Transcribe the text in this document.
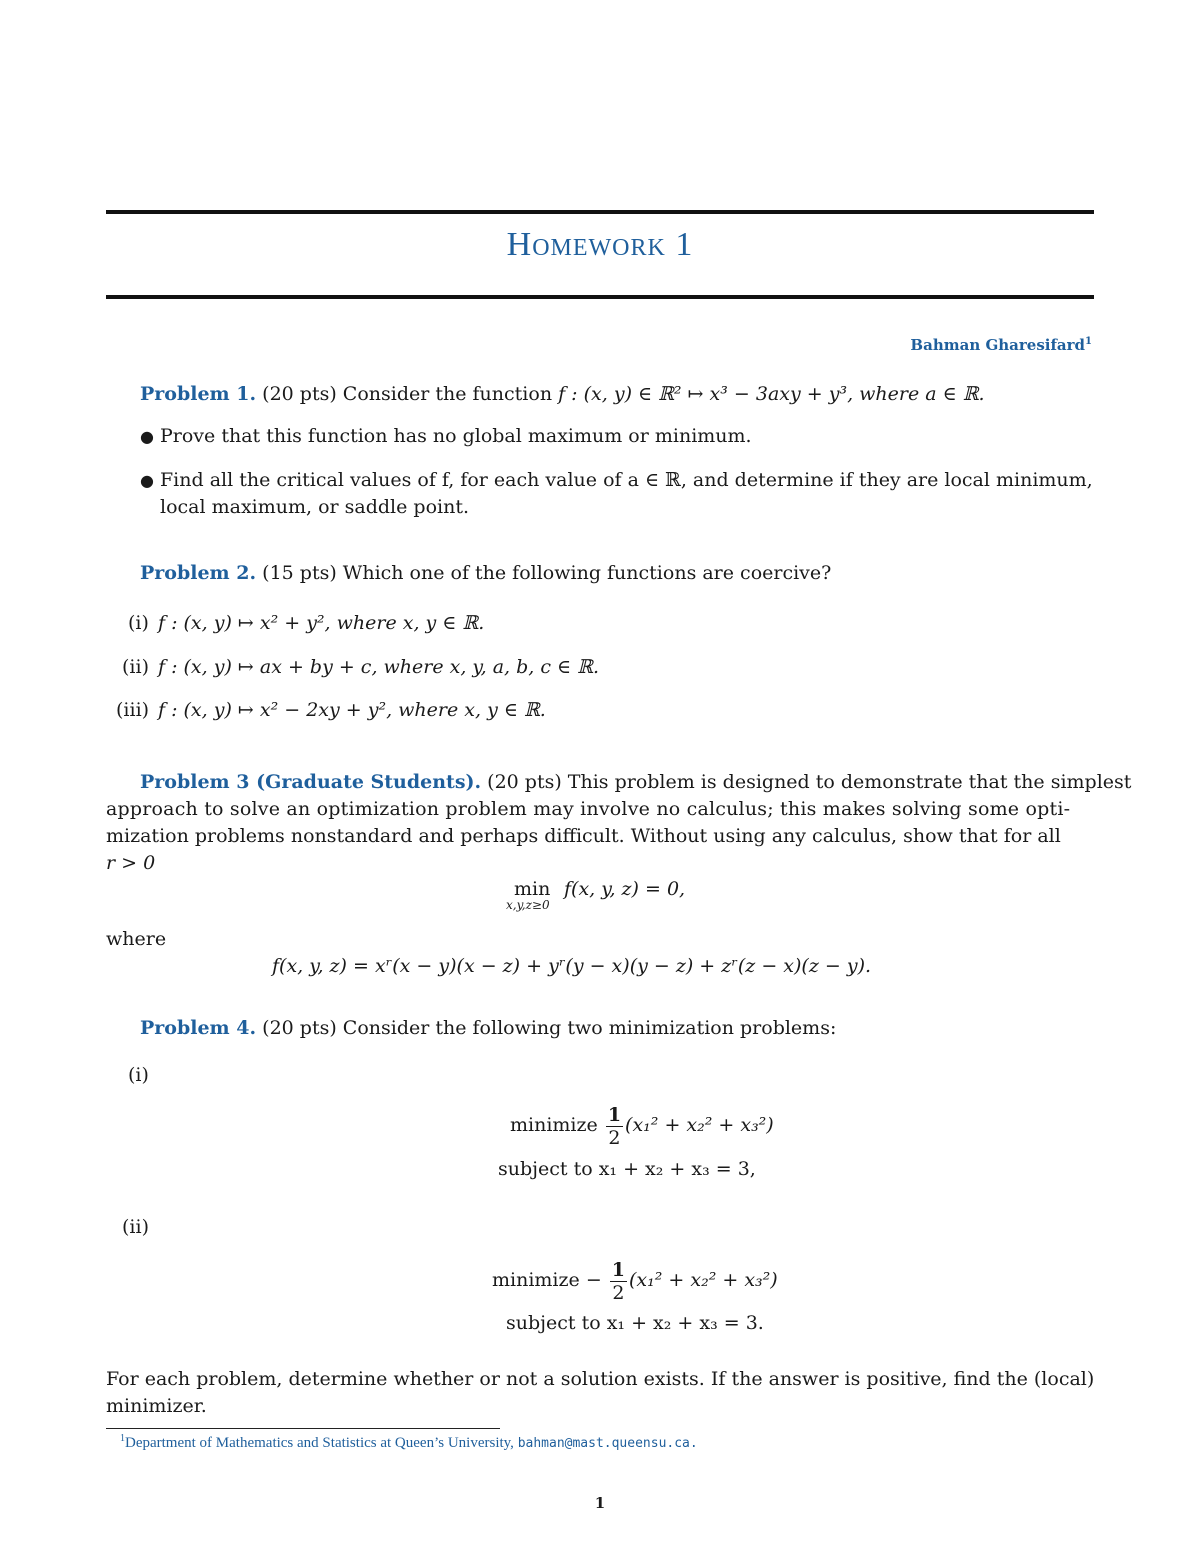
Homework 1
Bahman Gharesifard$^1$
Problem 1. (20 pts) Consider the function f : (x, y) ∈ ℝ² ↦ x³ − 3axy + y³, where a ∈ ℝ.
● Prove that this function has no global maximum or minimum.
● Find all the critical values of f, for each value of a ∈ ℝ, and determine if they are local minimum,
local maximum, or saddle point.
Problem 2. (15 pts) Which one of the following functions are coercive?
(i) f : (x, y) ↦ x² + y², where x, y ∈ ℝ.
(ii) f : (x, y) ↦ ax + by + c, where x, y, a, b, c ∈ ℝ.
(iii) f : (x, y) ↦ x² − 2xy + y², where x, y ∈ ℝ.
Problem 3 (Graduate Students). (20 pts) This problem is designed to demonstrate that the simplest
approach to solve an optimization problem may involve no calculus; this makes solving some opti-
mization problems nonstandard and perhaps difficult. Without using any calculus, show that for all
r > 0
min
x,y,z≥0
f(x, y, z) = 0,
where
f(x, y, z) = xʳ(x − y)(x − z) + yʳ(y − x)(y − z) + zʳ(z − x)(z − y).
Problem 4. (20 pts) Consider the following two minimization problems:
(i)
minimize $\frac{1}{2} (x_1^2 + x_2^2 + x_3^2)$
subject to x₁ + x₂ + x₃ = 3,
(ii)
minimize − $\frac{1}{2} (x_1^2 + x_2^2 + x_3^2)$
subject to x₁ + x₂ + x₃ = 3.
For each problem, determine whether or not a solution exists. If the answer is positive, find the (local)
minimizer.
$^1$Department of Mathematics and Statistics at Queen’s University, bahman@mast.queensu.ca.
1
